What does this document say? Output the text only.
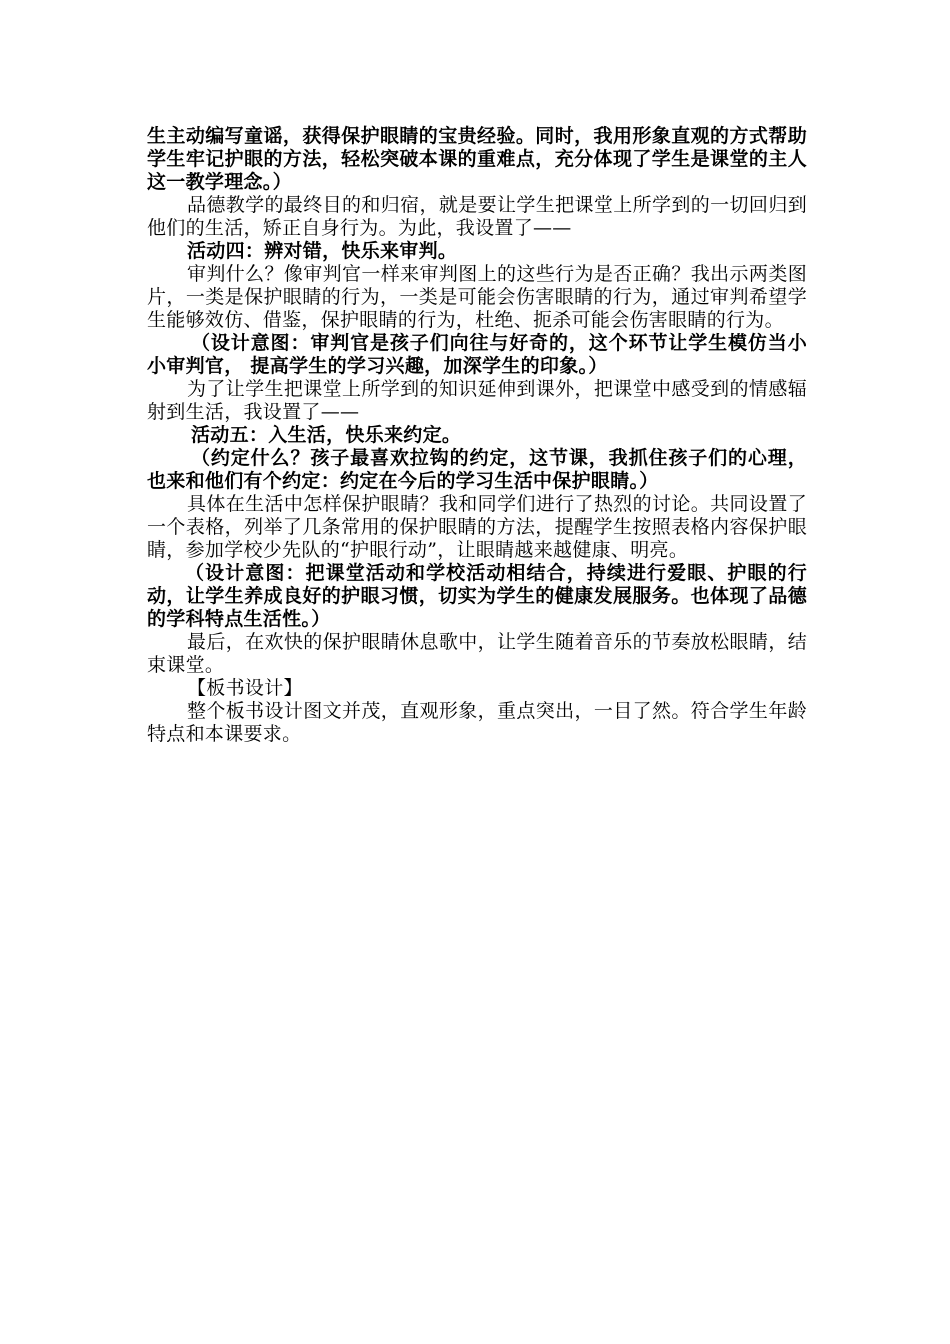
生主动编写童谣，获得保护眼睛的宝贵经验。同时，我用形象直观的方式帮助学生牢记护眼的方法，轻松突破本课的重难点，充分体现了学生是课堂的主人这一教学理念。）

品德教学的最终目的和归宿，就是要让学生把课堂上所学到的一切回归到他们的生活，矫正自身行为。为此，我设置了——

活动四：辨对错，快乐来审判。

审判什么？像审判官一样来审判图上的这些行为是否正确？我出示两类图片，一类是保护眼睛的行为，一类是可能会伤害眼睛的行为，通过审判希望学生能够效仿、借鉴，保护眼睛的行为，杜绝、扼杀可能会伤害眼睛的行为。

（设计意图：审判官是孩子们向往与好奇的，这个环节让学生模仿当小小审判官， 提高学生的学习兴趣，加深学生的印象。）

为了让学生把课堂上所学到的知识延伸到课外，把课堂中感受到的情感辐射到生活，我设置了——

活动五：入生活，快乐来约定。

（约定什么？孩子最喜欢拉钩的约定，这节课，我抓住孩子们的心理，也来和他们有个约定：约定在今后的学习生活中保护眼睛。）

具体在生活中怎样保护眼睛？我和同学们进行了热烈的讨论。共同设置了一个表格，列举了几条常用的保护眼睛的方法，提醒学生按照表格内容保护眼睛，参加学校少先队的“护眼行动”，让眼睛越来越健康、明亮。

（设计意图：把课堂活动和学校活动相结合，持续进行爱眼、护眼的行动，让学生养成良好的护眼习惯，切实为学生的健康发展服务。也体现了品德的学科特点生活性。）

最后，在欢快的保护眼睛休息歌中，让学生随着音乐的节奏放松眼睛，结束课堂。

【板书设计】

整个板书设计图文并茂，直观形象，重点突出，一目了然。符合学生年龄特点和本课要求。
